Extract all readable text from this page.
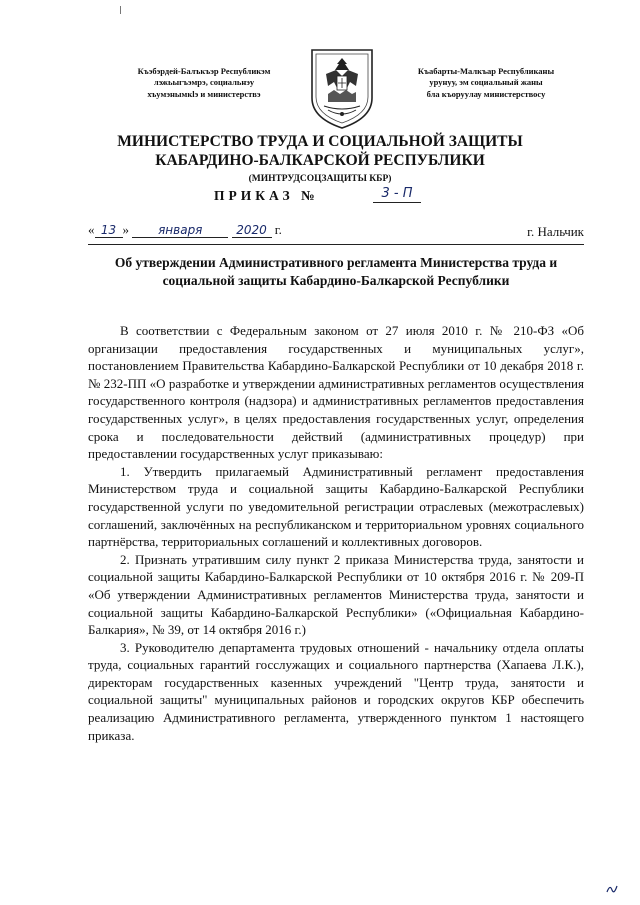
Къэбэрдей-Балъкъэр Республикэм
лэжьыгъэмрэ, социальнэу
хъумэнымкlэ и министерствэ
Къабарты-Малкъар Республиканы
урунуу, эм социальный жаны
бла къоруулау министерствосу
МИНИСТЕРСТВО ТРУДА И СОЦИАЛЬНОЙ ЗАЩИТЫ
КАБАРДИНО-БАЛКАРСКОЙ РЕСПУБЛИКИ
(МИНТРУДСОЦЗАЩИТЫ КБР)
ПРИКАЗ №	3 - П
« 13 » января	2020 г.	г. Нальчик
Об утверждении Административного регламента Министерства труда и социальной защиты Кабардино-Балкарской Республики

В соответствии с Федеральным законом от 27 июля 2010 г. № 210-ФЗ «Об организации предоставления государственных и муниципальных услуг», постановлением Правительства Кабардино-Балкарской Республики от 10 декабря 2018 г. № 232-ПП «О разработке и утверждении административных регламентов осуществления государственного контроля (надзора) и административных регламентов предоставления государственных услуг», в целях предоставления государственных услуг, определения срока и последовательности действий (административных процедур) при предоставлении государственных услуг приказываю:

1. Утвердить прилагаемый Административный регламент предоставления Министерством труда и социальной защиты Кабардино-Балкарской Республики государственной услуги по уведомительной регистрации отраслевых (межотраслевых) соглашений, заключённых на республиканском и территориальном уровнях социального партнёрства, территориальных соглашений и коллективных договоров.

2. Признать утратившим силу пункт 2 приказа Министерства труда, занятости и социальной защиты Кабардино-Балкарской Республики от 10 октября 2016 г. № 209-П «Об утверждении Административных регламентов Министерства труда, занятости и социальной защиты Кабардино-Балкарской Республики» («Официальная Кабардино-Балкария», № 39, от 14 октября 2016 г.)

3. Руководителю департамента трудовых отношений - начальнику отдела оплаты труда, социальных гарантий госслужащих и социального партнерства (Хапаева Л.К.), директорам государственных казенных учреждений "Центр труда, занятости и социальной защиты" муниципальных районов и городских округов КБР обеспечить реализацию Административного регламента, утвержденного пунктом 1 настоящего приказа.
